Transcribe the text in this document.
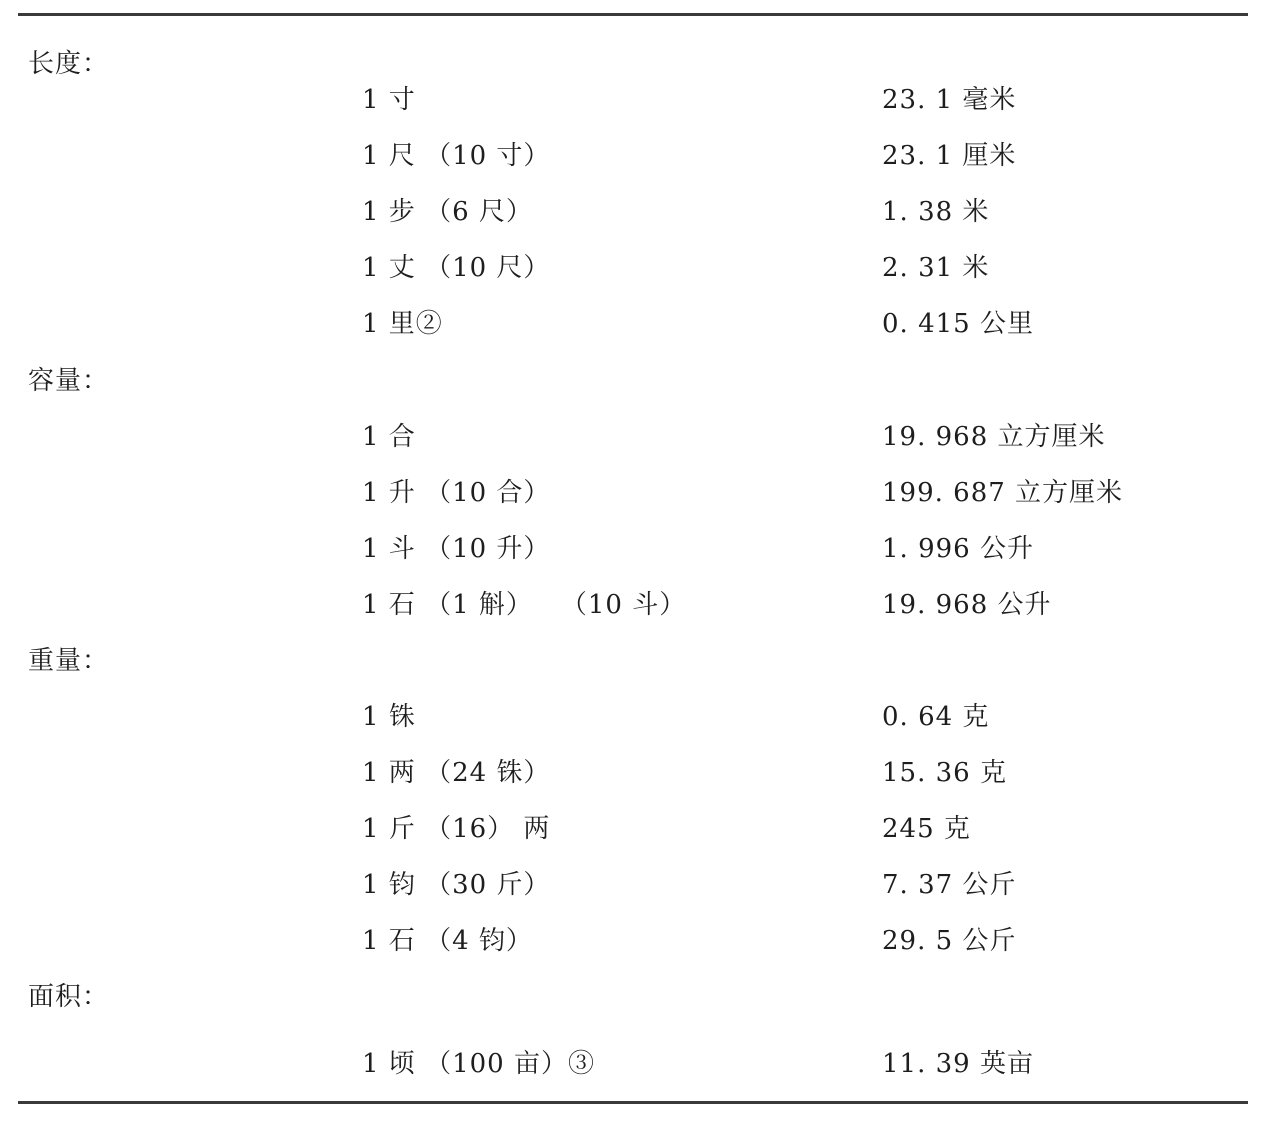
长度：
1 寸	23. 1 毫米
1 尺 （10 寸）	23. 1 厘米
1 步 （6 尺）	1. 38 米
1 丈 （10 尺）	2. 31 米
1 里②	0. 415 公里
容量：
1 合	19. 968 立方厘米
1 升 （10 合）	199. 687 立方厘米
1 斗 （10 升）	1. 996 公升
1 石 （1 斛）　　（10 斗）	19. 968 公升
重量：
1 铢	0. 64 克
1 两 （24 铢）	15. 36 克
1 斤 （16） 两	245 克
1 钧 （30 斤）	7. 37 公斤
1 石 （4 钧）	29. 5 公斤
面积：
1 顷 （100 亩）③	11. 39 英亩
